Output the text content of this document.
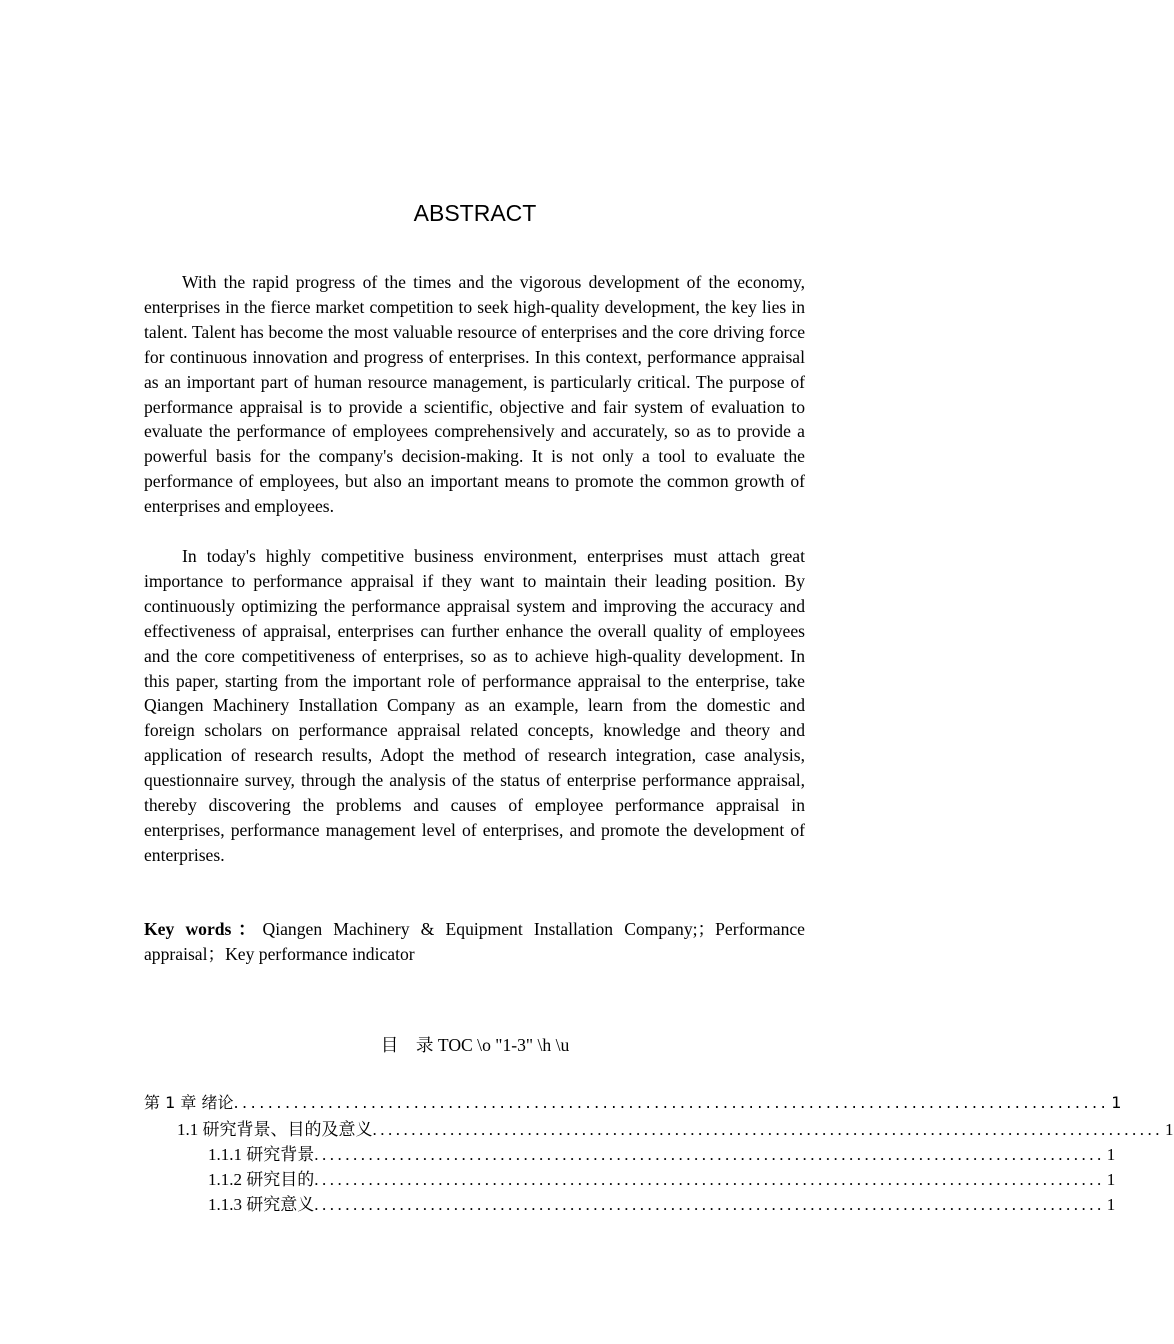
ABSTRACT

With the rapid progress of the times and the vigorous development of the economy, enterprises in the fierce market competition to seek high-quality development, the key lies in talent. Talent has become the most valuable resource of enterprises and the core driving force for continuous innovation and progress of enterprises. In this context, performance appraisal as an important part of human resource management, is particularly critical. The purpose of performance appraisal is to provide a scientific, objective and fair system of evaluation to evaluate the performance of employees comprehensively and accurately, so as to provide a powerful basis for the company's decision-making. It is not only a tool to evaluate the performance of employees, but also an important means to promote the common growth of enterprises and employees.

In today's highly competitive business environment, enterprises must attach great importance to performance appraisal if they want to maintain their leading position. By continuously optimizing the performance appraisal system and improving the accuracy and effectiveness of appraisal, enterprises can further enhance the overall quality of employees and the core competitiveness of enterprises, so as to achieve high-quality development. In this paper, starting from the important role of performance appraisal to the enterprise, take Qiangen Machinery Installation Company as an example, learn from the domestic and foreign scholars on performance appraisal related concepts, knowledge and theory and application of research results, Adopt the method of research integration, case analysis, questionnaire survey, through the analysis of the status of enterprise performance appraisal, thereby discovering the problems and causes of employee performance appraisal in enterprises, performance management level of enterprises, and promote the development of enterprises.

Key words：Qiangen Machinery & Equipment Installation Company;；Performance appraisal；Key performance indicator

目　录 TOC \o "1-3" \h \u
第 1 章 绪论 ...................................................................................................... 1
1.1 研究背景、目的及意义 ...................................................................................................... 1
1.1.1 研究背景 ...................................................................................................... 1
1.1.2 研究目的 ...................................................................................................... 1
1.1.3 研究意义 ...................................................................................................... 1
